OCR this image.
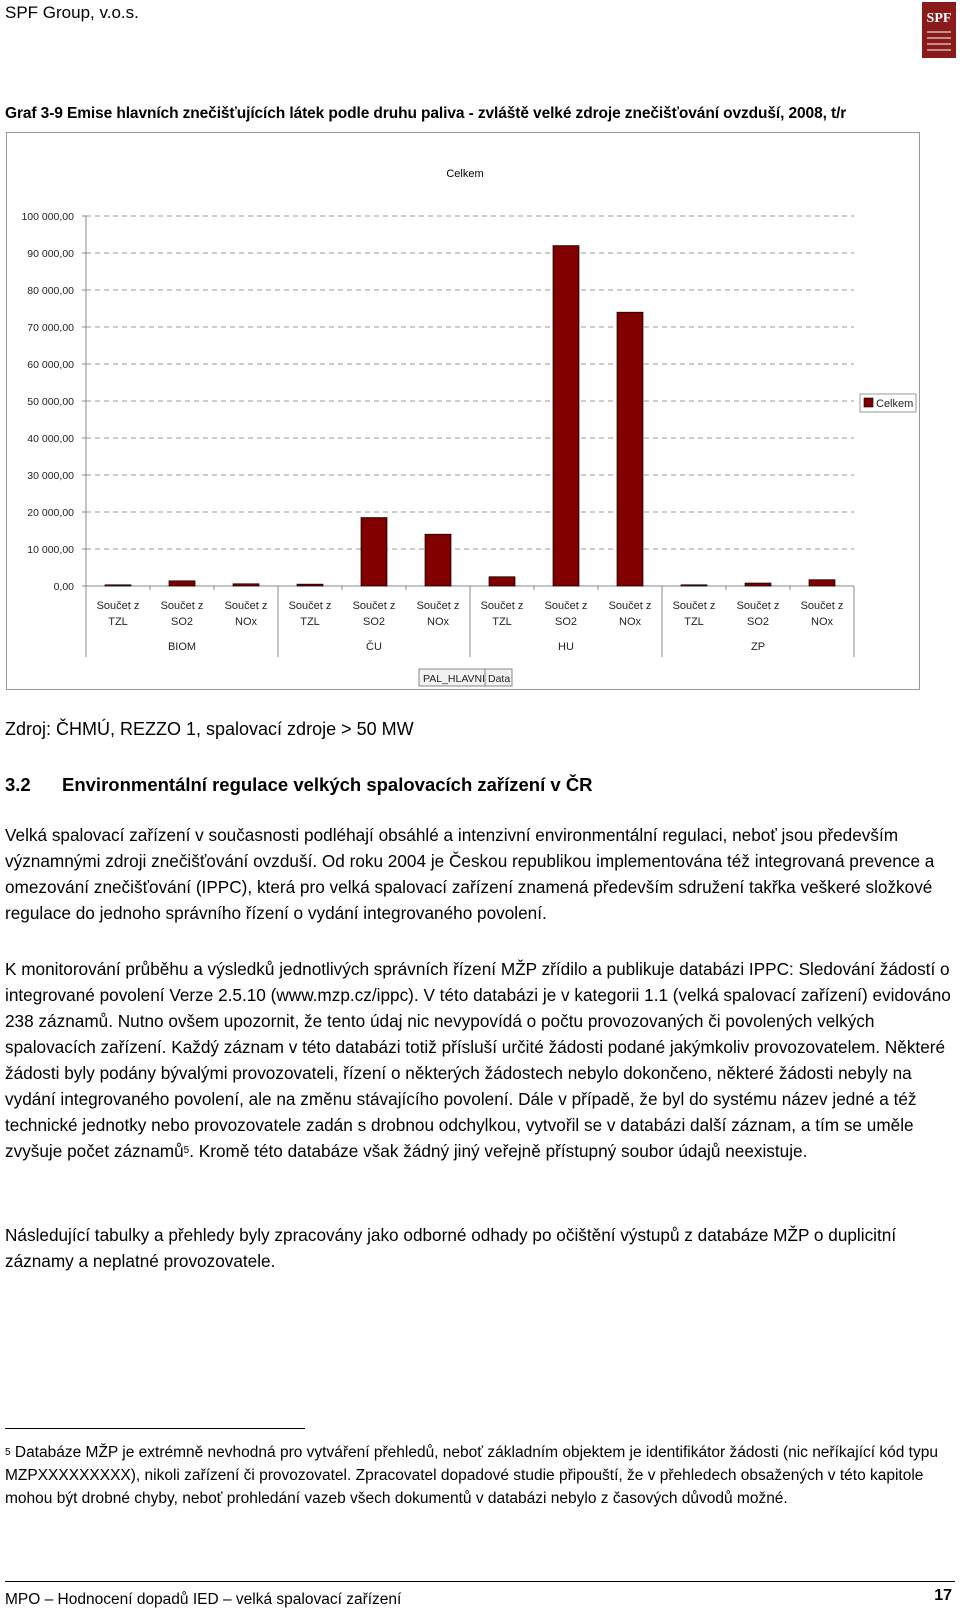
SPF Group, v.o.s.	SPF
Graf 3-9 Emise hlavních znečišťujících látek podle druhu paliva - zvláště velké zdroje znečišťování ovzduší, 2008, t/r
Celkem
0,00
10 000,00
20 000,00
30 000,00
40 000,00
50 000,00
60 000,00
70 000,00
80 000,00
90 000,00
100 000,00
Součet z
TZL
Součet z
SO2
Součet z
NOx
Součet z
TZL
Součet z
SO2
Součet z
NOx
Součet z
TZL
Součet z
SO2
Součet z
NOx
Součet z
TZL
Součet z
SO2
Součet z
NOx
BIOM	ČU	HU	ZP
Celkem
PAL_HLAVNI Data
Zdroj: ČHMÚ, REZZO 1, spalovací zdroje > 50 MW
3.2 Environmentální regulace velkých spalovacích zařízení v ČR

Velká spalovací zařízení v současnosti podléhají obsáhlé a intenzivní environmentální regulaci, neboť jsou především významnými zdroji znečišťování ovzduší. Od roku 2004 je Českou republikou implementována též integrovaná prevence a omezování znečišťování (IPPC), která pro velká spalovací zařízení znamená především sdružení takřka veškeré složkové regulace do jednoho správního řízení o vydání integrovaného povolení.

K monitorování průběhu a výsledků jednotlivých správních řízení MŽP zřídilo a publikuje databázi IPPC: Sledování žádostí o integrované povolení Verze 2.5.10 (www.mzp.cz/ippc). V této databázi je v kategorii 1.1 (velká spalovací zařízení) evidováno 238 záznamů. Nutno ovšem upozornit, že tento údaj nic nevypovídá o počtu provozovaných či povolených velkých spalovacích zařízení. Každý záznam v této databázi totiž přísluší určité žádosti podané jakýmkoliv provozovatelem. Některé žádosti byly podány bývalými provozovateli, řízení o některých žádostech nebylo dokončeno, některé žádosti nebyly na vydání integrovaného povolení, ale na změnu stávajícího povolení. Dále v případě, že byl do systému název jedné a též technické jednotky nebo provozovatele zadán s drobnou odchylkou, vytvořil se v databázi další záznam, a tím se uměle zvyšuje počet záznamů$^5$. Kromě této databáze však žádný jiný veřejně přístupný soubor údajů neexistuje.

Následující tabulky a přehledy byly zpracovány jako odborné odhady po očištění výstupů z databáze MŽP o duplicitní záznamy a neplatné provozovatele.

$^5$ Databáze MŽP je extrémně nevhodná pro vytváření přehledů, neboť základním objektem je identifikátor žádosti (nic neříkající kód typu MZPXXXXXXXXX), nikoli zařízení či provozovatel. Zpracovatel dopadové studie připouští, že v přehledech obsažených v této kapitole mohou být drobné chyby, neboť prohledání vazeb všech dokumentů v databázi nebylo z časových důvodů možné.

MPO – Hodnocení dopadů IED – velká spalovací zařízení	17
